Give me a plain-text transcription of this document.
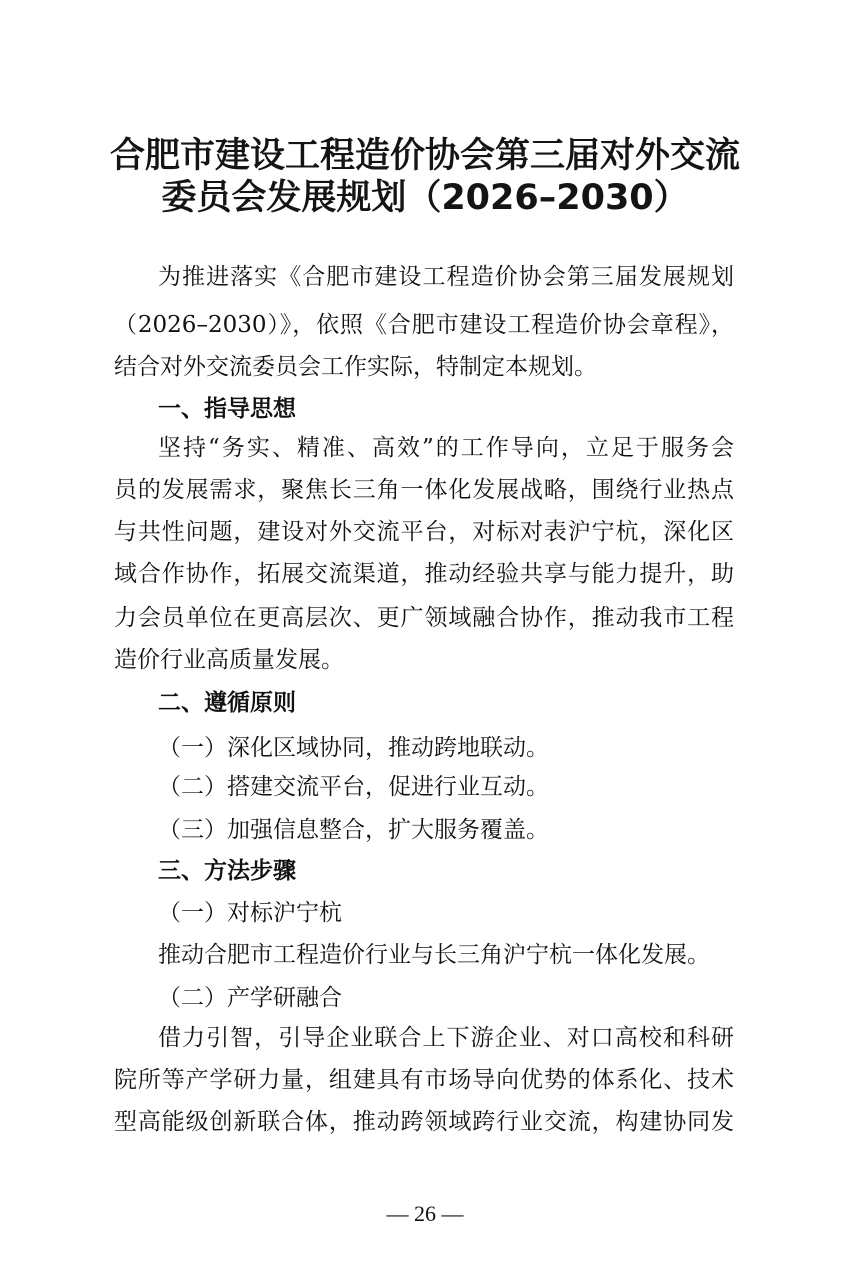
合肥市建设工程造价协会第三届对外交流
委员会发展规划（2026–2030）
为推进落实《合肥市建设工程造价协会第三届发展规划
（2026–2030）》，依照《合肥市建设工程造价协会章程》，
结合对外交流委员会工作实际，特制定本规划。
一、指导思想
坚持“务实、精准、高效”的工作导向，立足于服务会
员的发展需求，聚焦长三角一体化发展战略，围绕行业热点
与共性问题，建设对外交流平台，对标对表沪宁杭，深化区
域合作协作，拓展交流渠道，推动经验共享与能力提升，助
力会员单位在更高层次、更广领域融合协作，推动我市工程
造价行业高质量发展。
二、遵循原则
（一）深化区域协同，推动跨地联动。
（二）搭建交流平台，促进行业互动。
（三）加强信息整合，扩大服务覆盖。
三、方法步骤
（一）对标沪宁杭
推动合肥市工程造价行业与长三角沪宁杭一体化发展。
（二）产学研融合
借力引智，引导企业联合上下游企业、对口高校和科研
院所等产学研力量，组建具有市场导向优势的体系化、技术
型高能级创新联合体，推动跨领域跨行业交流，构建协同发
— 26 —
